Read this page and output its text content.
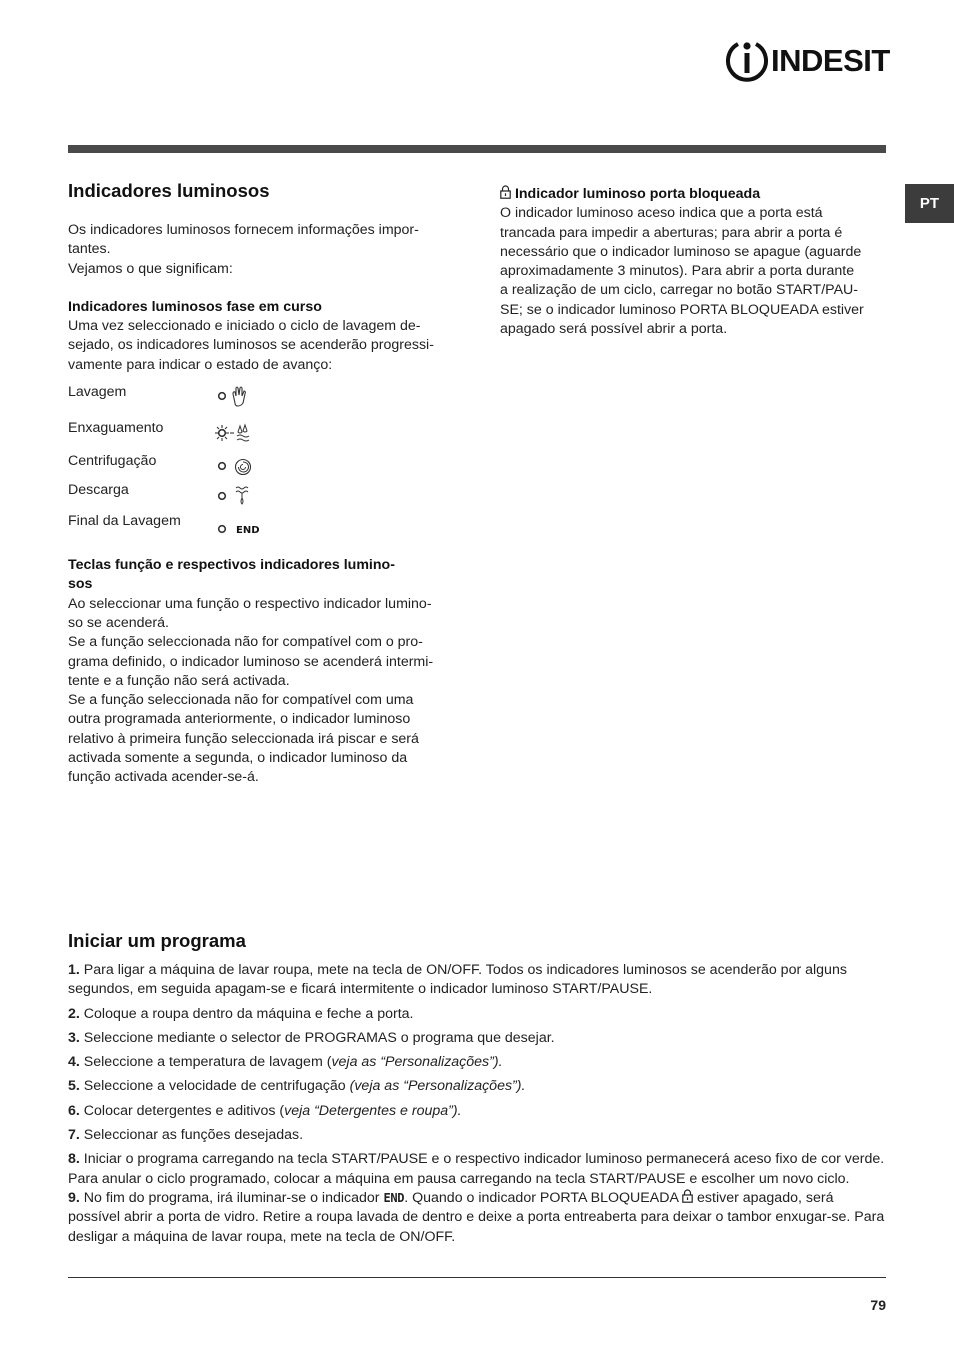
INDESIT
PT
Indicadores luminosos

Os indicadores luminosos fornecem informações impor-

tantes.

Vejamos o que significam:

Indicadores luminosos fase em curso

Uma vez seleccionado e iniciado o ciclo de lavagem de-

sejado, os indicadores luminosos se acenderão progressi-

vamente para indicar o estado de avanço:

Lavagem
Enxaguamento
Centrifugação
Descarga
Final da Lavagem
END

Teclas função e respectivos indicadores lumino-

sos

Ao seleccionar uma função o respectivo indicador lumino-

so se acenderá.

Se a função seleccionada não for compatível com o pro-

grama definido, o indicador luminoso se acenderá intermi-

tente e a função não será activada.

Se a função seleccionada não for compatível com uma

outra programada anteriormente, o indicador luminoso

relativo à primeira função seleccionada irá piscar e será

activada somente a segunda, o indicador luminoso da

função activada acender-se-á.

Indicador luminoso porta bloqueada

O indicador luminoso aceso indica que a porta está

trancada para impedir a aberturas; para abrir a porta é

necessário que o indicador luminoso se apague (aguarde

aproximadamente 3 minutos). Para abrir a porta durante

a realização de um ciclo, carregar no botão START/PAU-

SE; se o indicador luminoso PORTA BLOQUEADA estiver

apagado será possível abrir a porta.

Iniciar um programa

1. Para ligar a máquina de lavar roupa, mete na tecla de ON/OFF. Todos os indicadores luminosos se acenderão por alguns segundos, em seguida apagam-se e ficará intermitente o indicador luminoso START/PAUSE.

2. Coloque a roupa dentro da máquina e feche a porta.

3. Seleccione mediante o selector de PROGRAMAS o programa que desejar.

4. Seleccione a temperatura de lavagem (veja as “Personalizações”).

5. Seleccione a velocidade de centrifugação (veja as “Personalizações”).

6. Colocar detergentes e aditivos (veja “Detergentes e roupa”).

7. Seleccionar as funções desejadas.

8. Iniciar o programa carregando na tecla START/PAUSE e o respectivo indicador luminoso permanecerá aceso fixo de cor verde. Para anular o ciclo programado, colocar a máquina em pausa carregando na tecla START/PAUSE e escolher um novo ciclo.

9. No fim do programa, irá iluminar-se o indicador END. Quando o indicador PORTA BLOQUEADA  estiver apagado, será possível abrir a porta de vidro. Retire a roupa lavada de dentro e deixe a porta entreaberta para deixar o tambor enxugar-se. Para desligar a máquina de lavar roupa, mete na tecla de ON/OFF.

79
